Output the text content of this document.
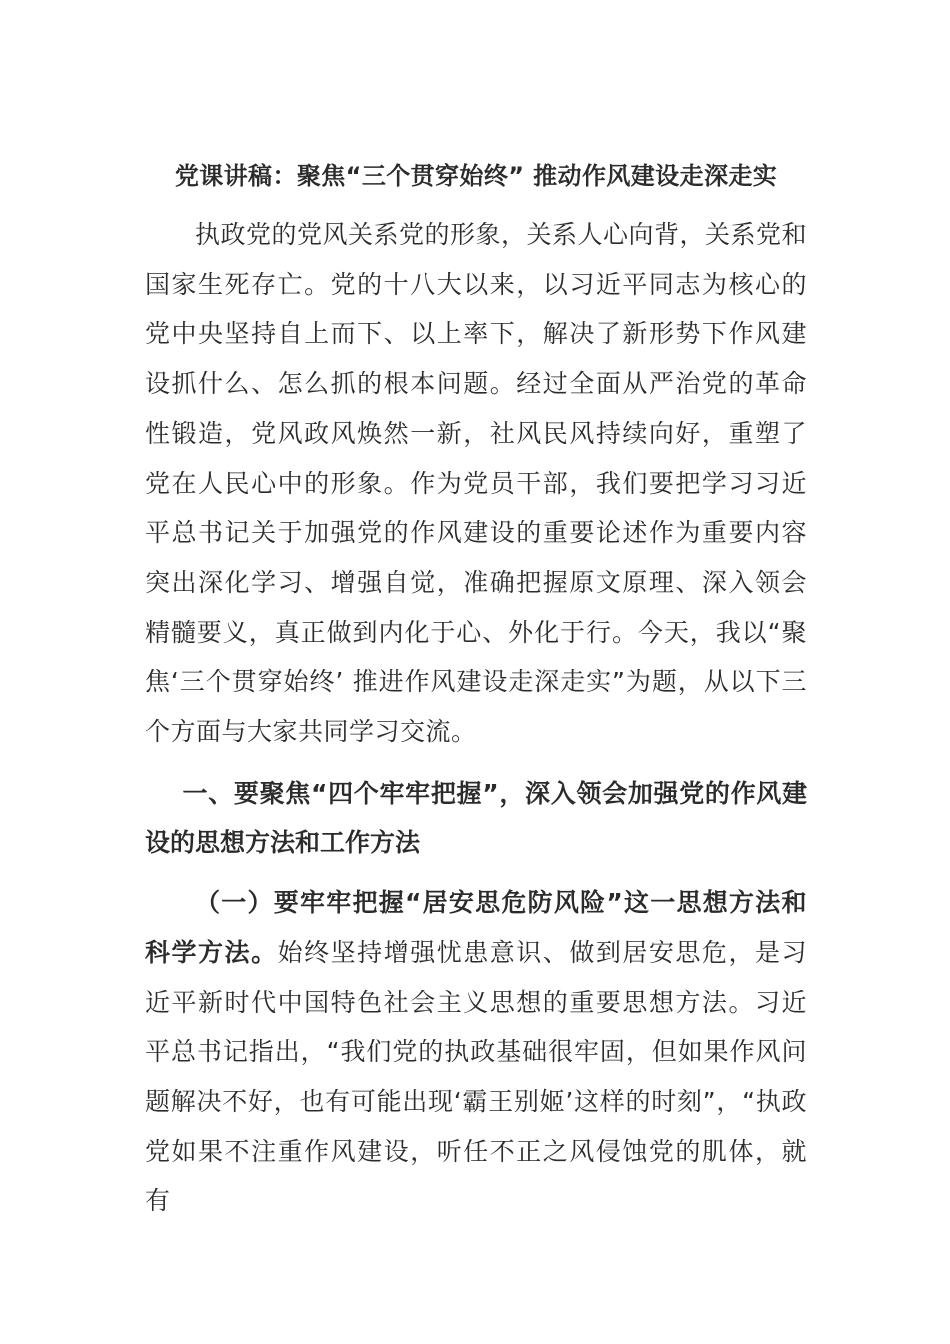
党课讲稿：聚焦“三个贯穿始终” 推动作风建设走深走实

执政党的党风关系党的形象，关系人心向背，关系党和国家生死存亡。党的十八大以来，以习近平同志为核心的党中央坚持自上而下、以上率下，解决了新形势下作风建设抓什么、怎么抓的根本问题。经过全面从严治党的革命性锻造，党风政风焕然一新，社风民风持续向好，重塑了党在人民心中的形象。作为党员干部，我们要把学习习近平总书记关于加强党的作风建设的重要论述作为重要内容突出深化学习、增强自觉，准确把握原文原理、深入领会精髓要义，真正做到内化于心、外化于行。今天，我以“聚焦‘三个贯穿始终’ 推进作风建设走深走实”为题，从以下三个方面与大家共同学习交流。

一、要聚焦“四个牢牢把握”，深入领会加强党的作风建设的思想方法和工作方法

（一）要牢牢把握“居安思危防风险”这一思想方法和科学方法。始终坚持增强忧患意识、做到居安思危，是习近平新时代中国特色社会主义思想的重要思想方法。习近平总书记指出，“我们党的执政基础很牢固，但如果作风问题解决不好，也有可能出现‘霸王别姬’这样的时刻”，“执政党如果不注重作风建设，听任不正之风侵蚀党的肌体，就有
